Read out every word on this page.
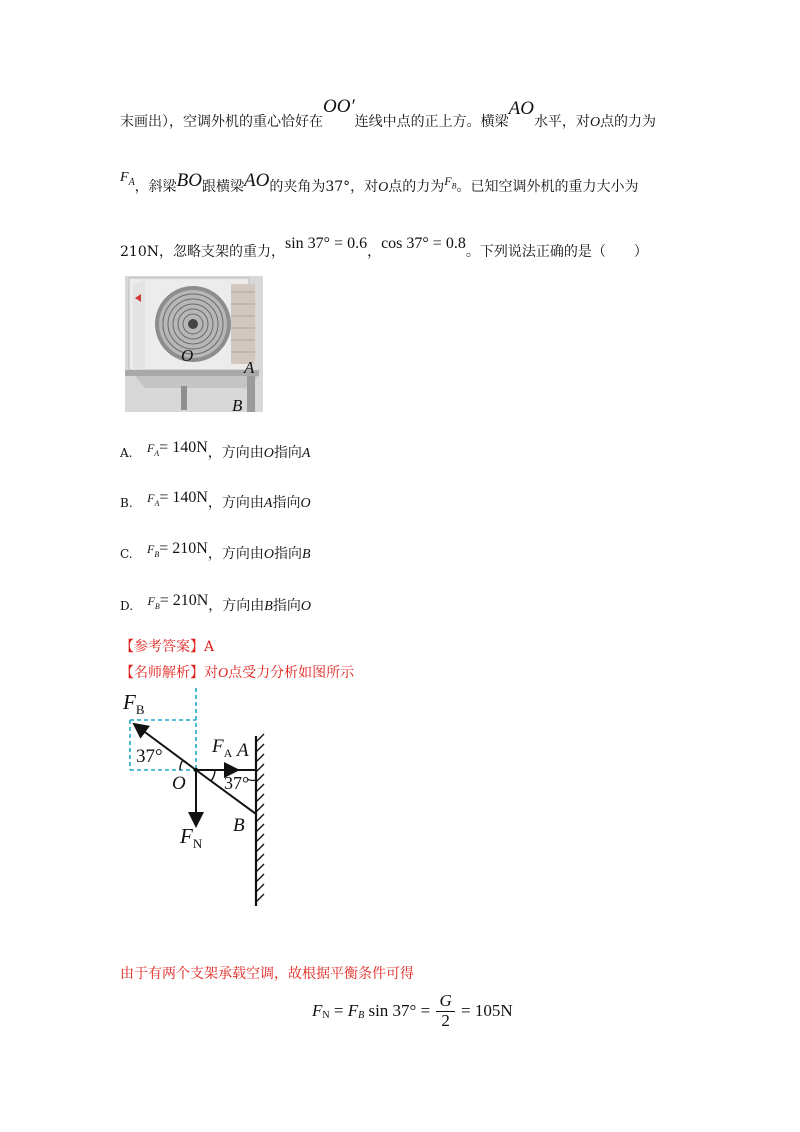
末画出），空调外机的重心恰好在OO′连线中点的正上方。横梁AO水平，对O点的力为
$F_A$，斜梁BO跟横梁AO的夹角为37°，对O点的力为$F_B$。已知空调外机的重力大小为
210N，忽略支架的重力，sin 37° = 0.6，cos 37° = 0.8。下列说法正确的是（　　）
O
A
B
A. $F_A= 140N$，方向由O指向A
B. $F_A= 140N$，方向由A指向O
C. $F_B= 210N$，方向由O指向B
D. $F_B= 210N$，方向由B指向O
【参考答案】A
【名师解析】对O点受力分析如图所示
$F_B$
37°	$F_A$ A
O 37°
B
$F_N$
由于有两个支架承载空调，故根据平衡条件可得
$F_N = F_B$ $\sin 37^\circ = \frac{G}{2} = 105N$
